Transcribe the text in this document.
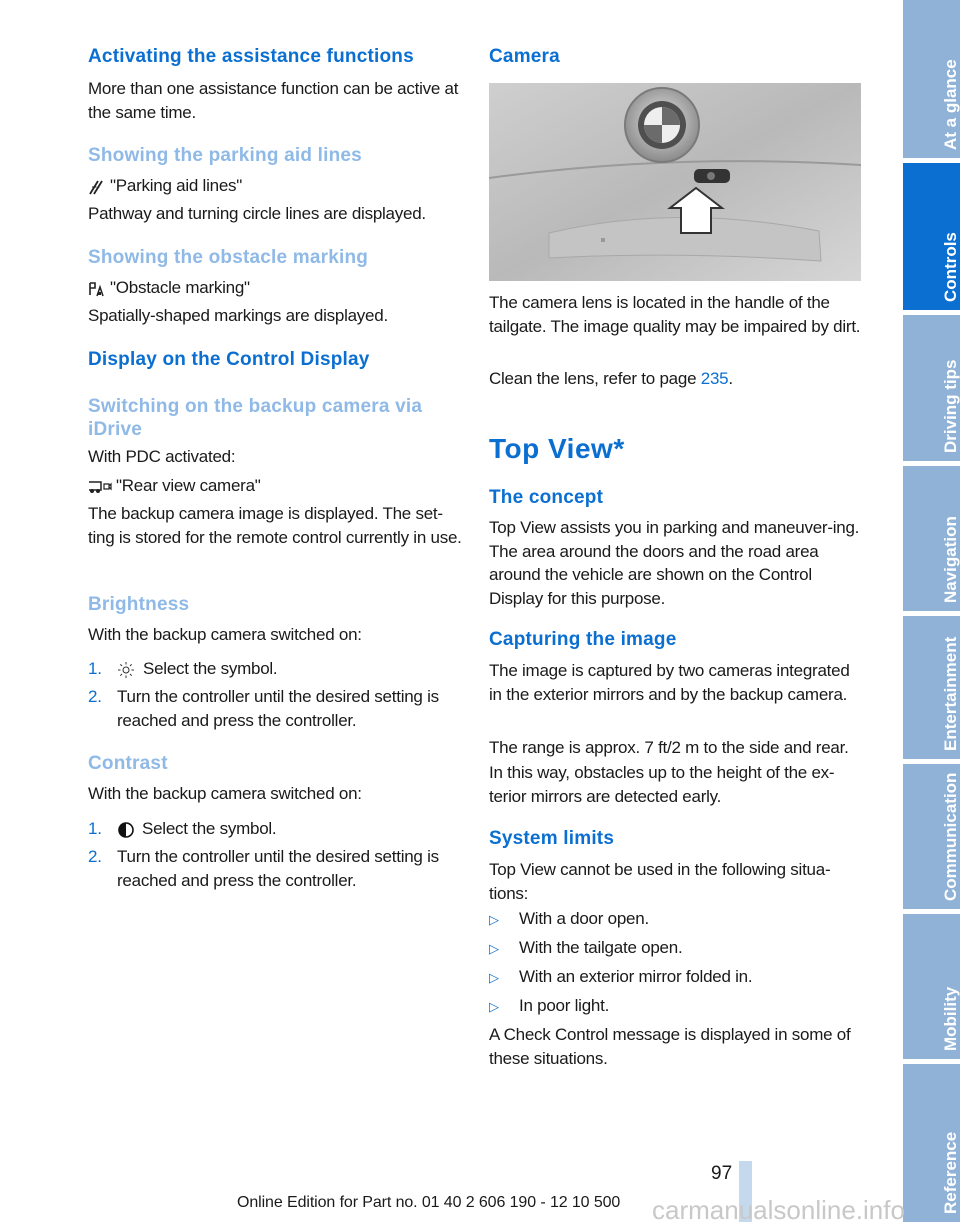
Activating the assistance functions

More than one assistance function can be active at the same time.

Showing the parking aid lines
"Parking aid lines"

Pathway and turning circle lines are displayed.

Showing the obstacle marking
"Obstacle marking"

Spatially-shaped markings are displayed.

Display on the Control Display
Switching on the backup camera via iDrive

With PDC activated:

"Rear view camera"

The backup camera image is displayed. The set-ting is stored for the remote control currently in use.

Brightness

With the backup camera switched on:

1. Select the symbol.
2. Turn the controller until the desired setting is reached and press the controller.
Contrast

With the backup camera switched on:

1. Select the symbol.
2. Turn the controller until the desired setting is reached and press the controller.
Camera

The camera lens is located in the handle of the tailgate. The image quality may be impaired by dirt.

Clean the lens, refer to page 235.

Top View*
The concept

Top View assists you in parking and maneuver-ing. The area around the doors and the road area around the vehicle are shown on the Control Display for this purpose.

Capturing the image

The image is captured by two cameras integrated in the exterior mirrors and by the backup camera.

The range is approx. 7 ft/2 m to the side and rear.

In this way, obstacles up to the height of the ex-terior mirrors are detected early.

System limits

Top View cannot be used in the following situa-tions:

▷ With a door open.
▷ With the tailgate open.
▷ With an exterior mirror folded in.
▷ In poor light.

A Check Control message is displayed in some of these situations.

At a glance
Controls
Driving tips
Navigation
Entertainment
Communication
Mobility
Reference
97
Online Edition for Part no. 01 40 2 606 190 - 12 10 500 carmanualsonline.info
